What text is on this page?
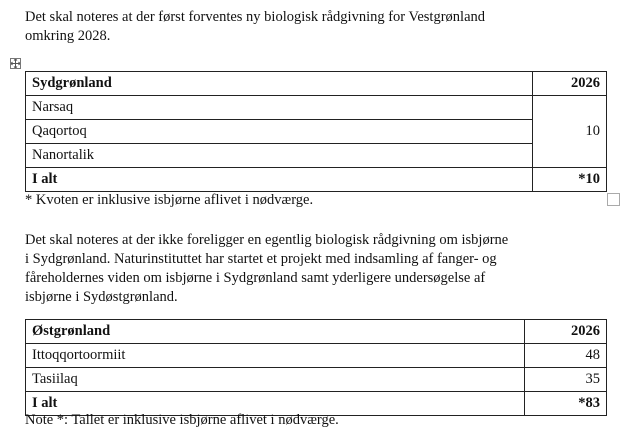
Det skal noteres at der først forventes ny biologisk rådgivning for Vestgrønland
omkring 2028.
Sydgrønland	2026
Narsaq	10
Qaqortoq	
Nanortalik	
I alt	*10
* Kvoten er inklusive isbjørne aflivet i nødværge.
Det skal noteres at der ikke foreligger en egentlig biologisk rådgivning om isbjørne
i Sydgrønland. Naturinstituttet har startet et projekt med indsamling af fanger- og
fåreholdernes viden om isbjørne i Sydgrønland samt yderligere undersøgelse af
isbjørne i Sydøstgrønland.
Østgrønland	2026
Ittoqqortoormiit	48
Tasiilaq	35
I alt	*83
Note *: Tallet er inklusive isbjørne aflivet i nødværge.
